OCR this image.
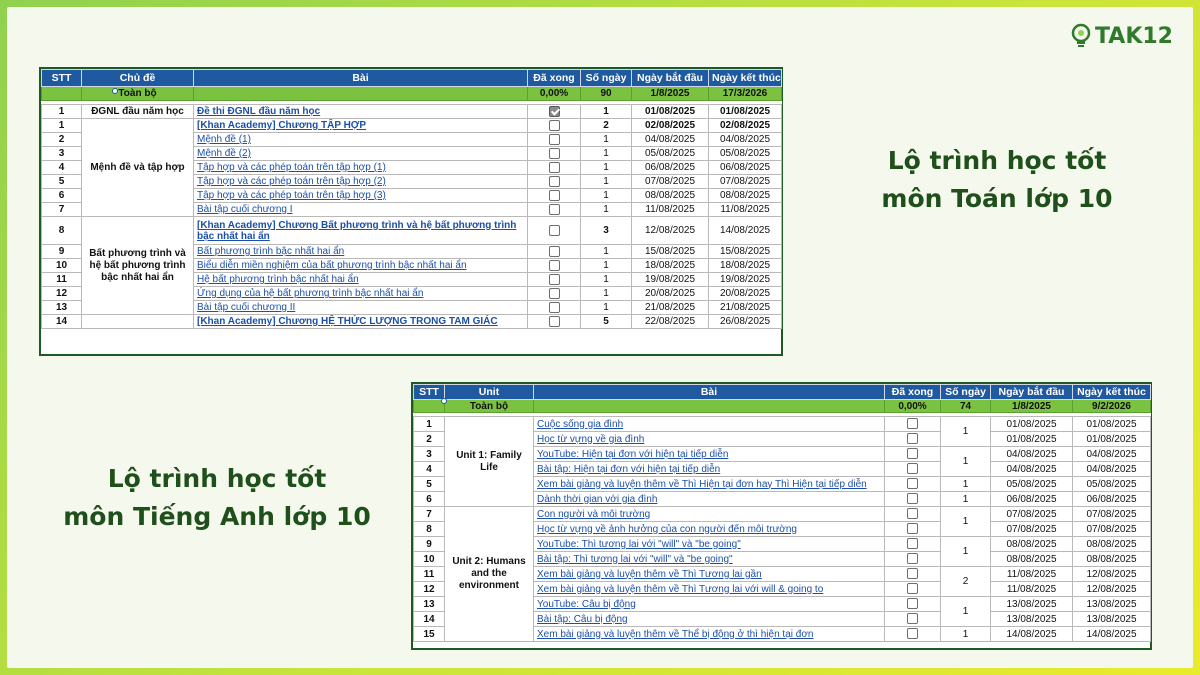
TAK12
Lộ trình học tốt
môn Toán lớp 10
Lộ trình học tốt
môn Tiếng Anh lớp 10
STT	Chủ đề	Bài	Đã xong	Số ngày	Ngày bắt đầu	Ngày kết thúc
	Toàn bộ		0,00%	90	1/8/2025	17/3/2026

1	ĐGNL đầu năm học	Đề thi ĐGNL đầu năm học		1	01/08/2025	01/08/2025
1	Mệnh đề và tập hợp	[Khan Academy] Chương TẬP HỢP		2	02/08/2025	02/08/2025
2		Mệnh đề (1)		1	04/08/2025	04/08/2025
3		Mệnh đề (2)		1	05/08/2025	05/08/2025
4		Tập hợp và các phép toán trên tập hợp (1)		1	06/08/2025	06/08/2025
5		Tập hợp và các phép toán trên tập hợp (2)		1	07/08/2025	07/08/2025
6		Tập hợp và các phép toán trên tập hợp (3)		1	08/08/2025	08/08/2025
7		Bài tập cuối chương I		1	11/08/2025	11/08/2025
8	Bất phương trình và hệ bất phương trình bậc nhất hai ẩn	[Khan Academy] Chương Bất phương trình và hệ bất phương trình bậc nhất hai ẩn		3	12/08/2025	14/08/2025
9		Bất phương trình bậc nhất hai ẩn		1	15/08/2025	15/08/2025
10		Biểu diễn miền nghiệm của bất phương trình bậc nhất hai ẩn		1	18/08/2025	18/08/2025
11		Hệ bất phương trình bậc nhất hai ẩn		1	19/08/2025	19/08/2025
12		Ứng dụng của hệ bất phương trình bậc nhất hai ẩn		1	20/08/2025	20/08/2025
13		Bài tập cuối chương II		1	21/08/2025	21/08/2025
14		[Khan Academy] Chương HỆ THỨC LƯỢNG TRONG TAM GIÁC		5	22/08/2025	26/08/2025
STT	Unit	Bài	Đã xong	Số ngày	Ngày bắt đầu	Ngày kết thúc
	Toàn bộ		0,00%	74	1/8/2025	9/2/2026

1	Unit 1: Family Life	Cuộc sống gia đình		1	01/08/2025	01/08/2025
2		Học từ vựng về gia đình			01/08/2025	01/08/2025
3		YouTube: Hiện tại đơn với hiện tại tiếp diễn		1	04/08/2025	04/08/2025
4		Bài tập: Hiện tại đơn với hiện tại tiếp diễn			04/08/2025	04/08/2025
5		Xem bài giảng và luyện thêm về Thì Hiện tại đơn hay Thì Hiện tại tiếp diễn		1	05/08/2025	05/08/2025
6		Dành thời gian với gia đình		1	06/08/2025	06/08/2025
7	Unit 2: Humans and the environment	Con người và môi trường		1	07/08/2025	07/08/2025
8		Học từ vựng về ảnh hưởng của con người đến môi trường			07/08/2025	07/08/2025
9		YouTube: Thì tương lai với "will" và "be going"		1	08/08/2025	08/08/2025
10		Bài tập: Thì tương lai với "will" và "be going"			08/08/2025	08/08/2025
11		Xem bài giảng và luyện thêm về Thì Tương lai gần		2	11/08/2025	12/08/2025
12		Xem bài giảng và luyện thêm về Thì Tương lai với will & going to			11/08/2025	12/08/2025
13		YouTube: Câu bị động		1	13/08/2025	13/08/2025
14		Bài tập: Câu bị động			13/08/2025	13/08/2025
15		Xem bài giảng và luyện thêm về Thể bị động ở thì hiện tại đơn		1	14/08/2025	14/08/2025
